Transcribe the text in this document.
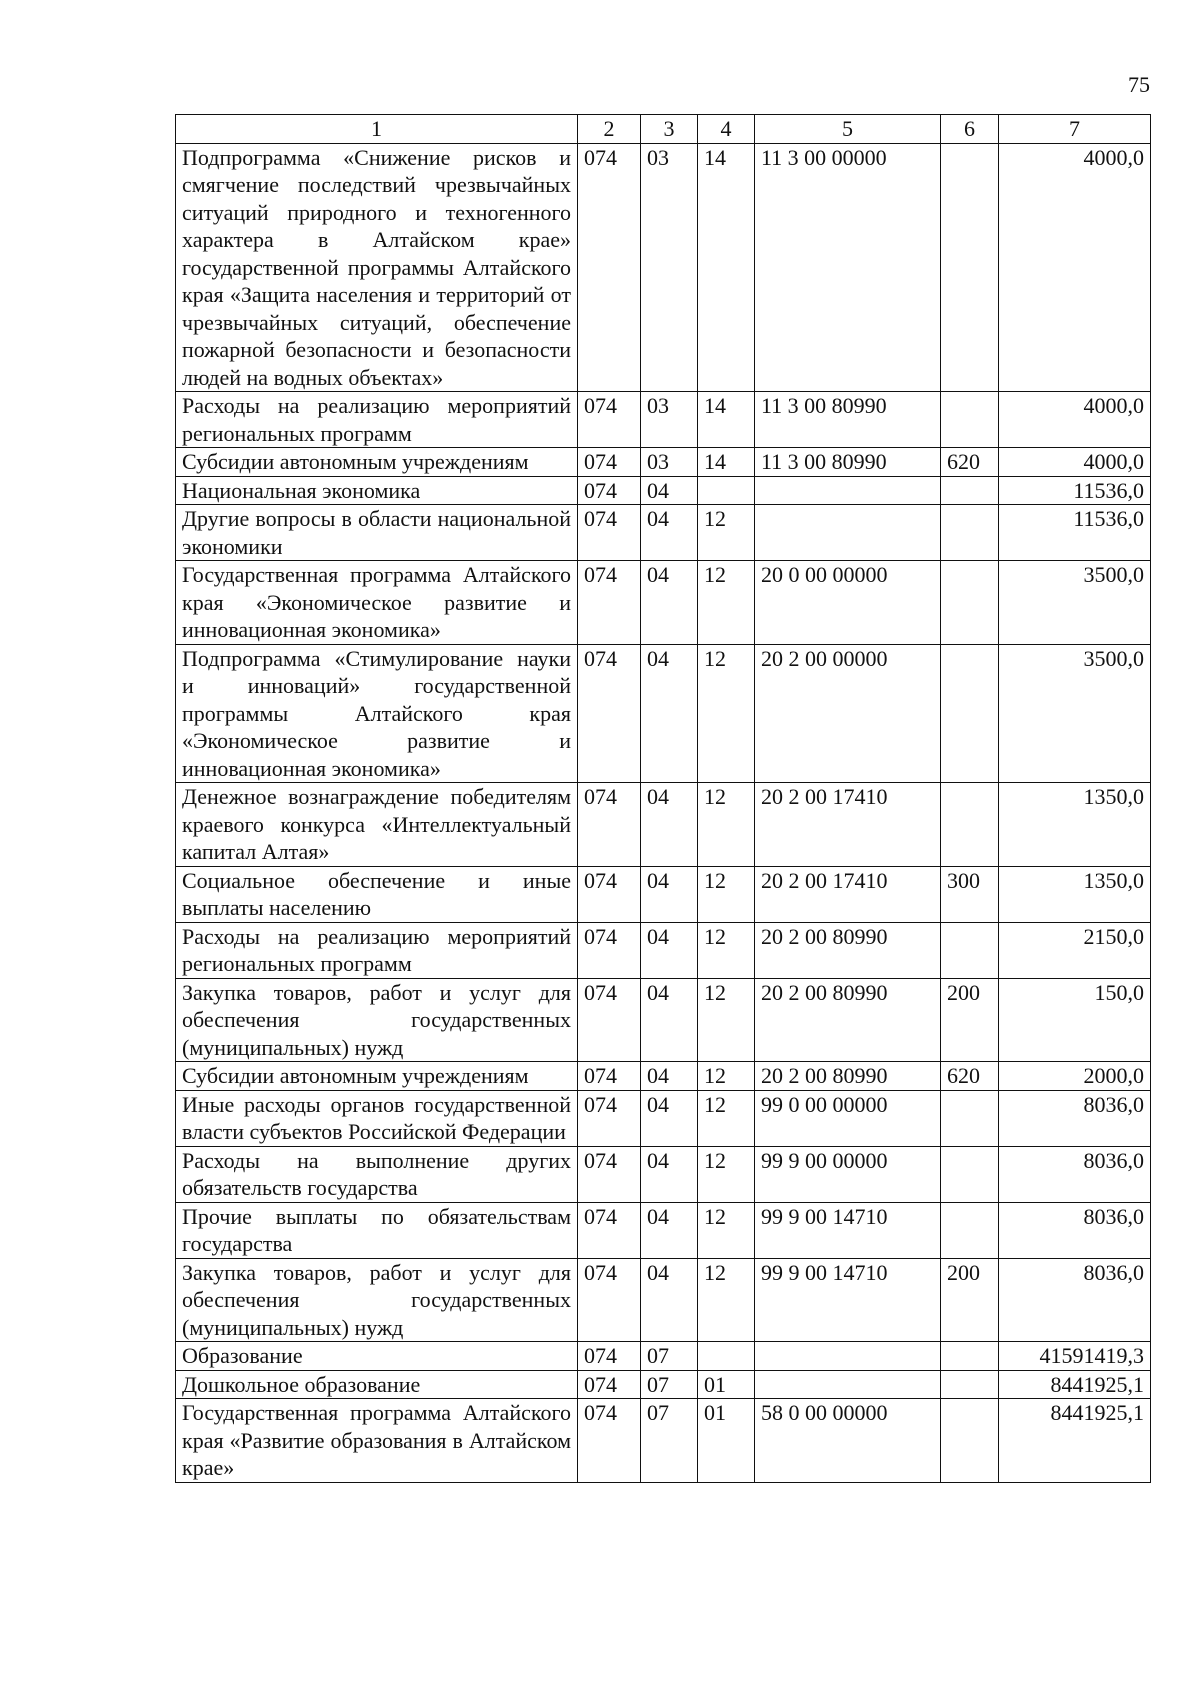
75
1	2	3	4	5	6	7
Подпрограмма «Снижение рисков и смягчение последствий чрезвычайных ситуаций природного и техногенного характера в Алтайском крае» государственной программы Алтайского края «Защита населения и территорий от чрезвычайных ситуаций, обеспечение пожарной безопасности и безопасности людей на водных объектах»	074	03	14	11 3 00 00000		4000,0
Расходы на реализацию мероприятий региональных программ	074	03	14	11 3 00 80990		4000,0
Субсидии автономным учреждениям	074	03	14	11 3 00 80990	620	4000,0
Национальная экономика	074	04				11536,0
Другие вопросы в области национальной экономики	074	04	12			11536,0
Государственная программа Алтайского края «Экономическое развитие и инновационная экономика»	074	04	12	20 0 00 00000		3500,0
Подпрограмма «Стимулирование науки и инноваций» государственной программы Алтайского края «Экономическое развитие и инновационная экономика»	074	04	12	20 2 00 00000		3500,0
Денежное вознаграждение победителям краевого конкурса «Интеллектуальный капитал Алтая»	074	04	12	20 2 00 17410		1350,0
Социальное обеспечение и иные выплаты населению	074	04	12	20 2 00 17410	300	1350,0
Расходы на реализацию мероприятий региональных программ	074	04	12	20 2 00 80990		2150,0
Закупка товаров, работ и услуг для обеспечения государственных (муниципальных) нужд	074	04	12	20 2 00 80990	200	150,0
Субсидии автономным учреждениям	074	04	12	20 2 00 80990	620	2000,0
Иные расходы органов государственной власти субъектов Российской Федерации	074	04	12	99 0 00 00000		8036,0
Расходы на выполнение других обязательств государства	074	04	12	99 9 00 00000		8036,0
Прочие выплаты по обязательствам государства	074	04	12	99 9 00 14710		8036,0
Закупка товаров, работ и услуг для обеспечения государственных (муниципальных) нужд	074	04	12	99 9 00 14710	200	8036,0
Образование	074	07				41591419,3
Дошкольное образование	074	07	01			8441925,1
Государственная программа Алтайского края «Развитие образования в Алтайском крае»	074	07	01	58 0 00 00000		8441925,1
